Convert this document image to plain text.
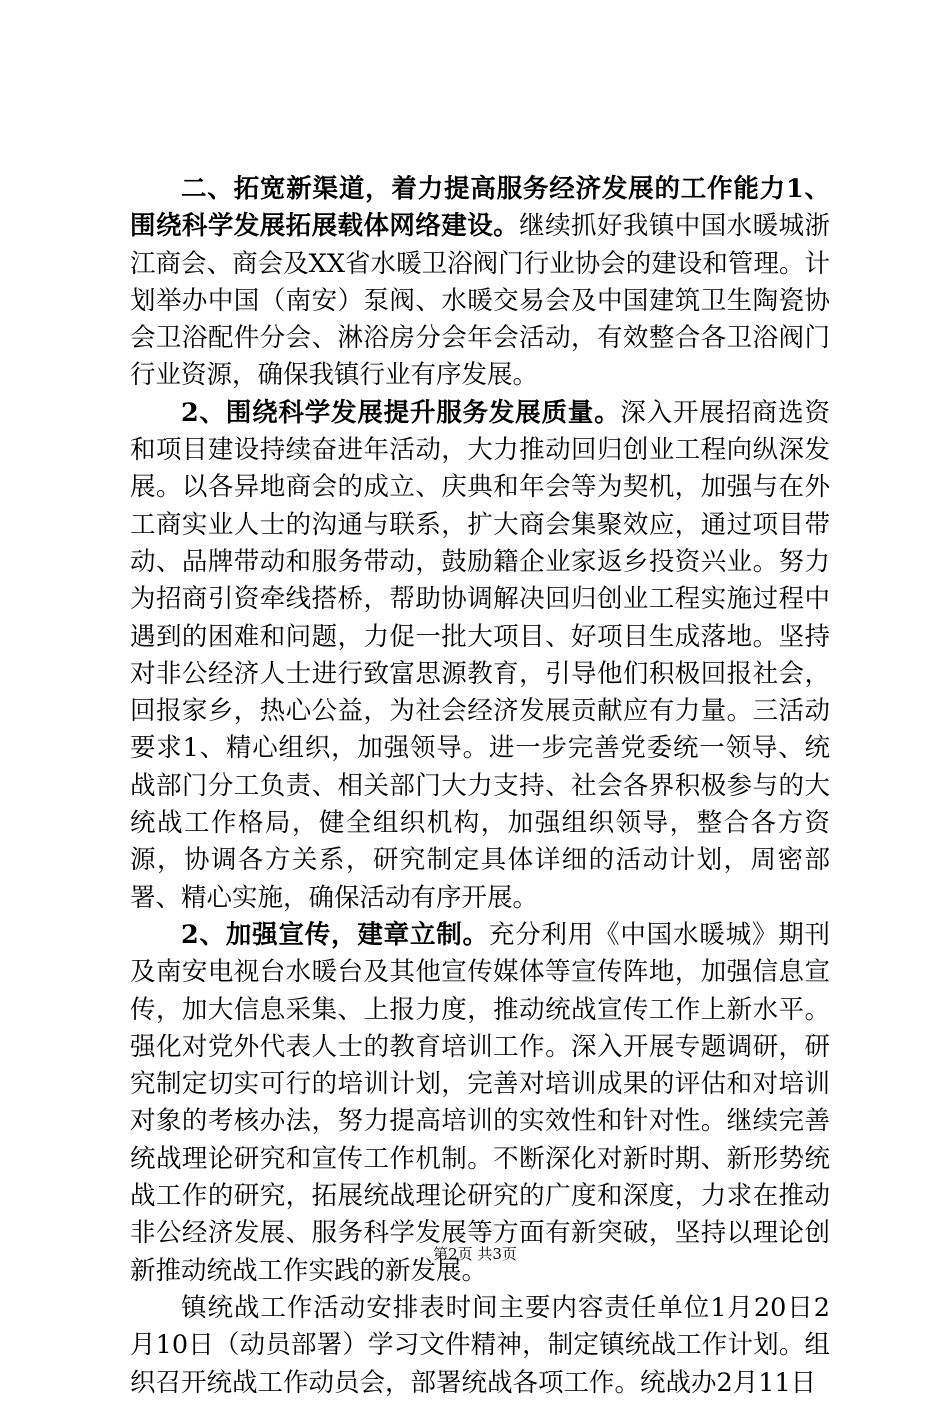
二、拓宽新渠道，着力提高服务经济发展的工作能力1、围绕科学发展拓展载体网络建设。继续抓好我镇中国水暖城浙江商会、商会及XX省水暖卫浴阀门行业协会的建设和管理。计划举办中国（南安）泵阀、水暖交易会及中国建筑卫生陶瓷协会卫浴配件分会、淋浴房分会年会活动，有效整合各卫浴阀门行业资源，确保我镇行业有序发展。

2、围绕科学发展提升服务发展质量。深入开展招商选资和项目建设持续奋进年活动，大力推动回归创业工程向纵深发展。以各异地商会的成立、庆典和年会等为契机，加强与在外工商实业人士的沟通与联系，扩大商会集聚效应，通过项目带动、品牌带动和服务带动，鼓励籍企业家返乡投资兴业。努力为招商引资牵线搭桥，帮助协调解决回归创业工程实施过程中遇到的困难和问题，力促一批大项目、好项目生成落地。坚持对非公经济人士进行致富思源教育，引导他们积极回报社会，回报家乡，热心公益，为社会经济发展贡献应有力量。三活动要求1、精心组织，加强领导。进一步完善党委统一领导、统战部门分工负责、相关部门大力支持、社会各界积极参与的大统战工作格局，健全组织机构，加强组织领导，整合各方资源，协调各方关系，研究制定具体详细的活动计划，周密部署、精心实施，确保活动有序开展。

2、加强宣传，建章立制。充分利用《中国水暖城》期刊及南安电视台水暖台及其他宣传媒体等宣传阵地，加强信息宣传，加大信息采集、上报力度，推动统战宣传工作上新水平。强化对党外代表人士的教育培训工作。深入开展专题调研，研究制定切实可行的培训计划，完善对培训成果的评估和对培训对象的考核办法，努力提高培训的实效性和针对性。继续完善统战理论研究和宣传工作机制。不断深化对新时期、新形势统战工作的研究，拓展统战理论研究的广度和深度，力求在推动非公经济发展、服务科学发展等方面有新突破，坚持以理论创新推动统战工作实践的新发展。

镇统战工作活动安排表时间主要内容责任单位1月20日2月10日（动员部署）学习文件精神，制定镇统战工作计划。组织召开统战工作动员会，部署统战各项工作。统战办2月11日

第2页 共3页
